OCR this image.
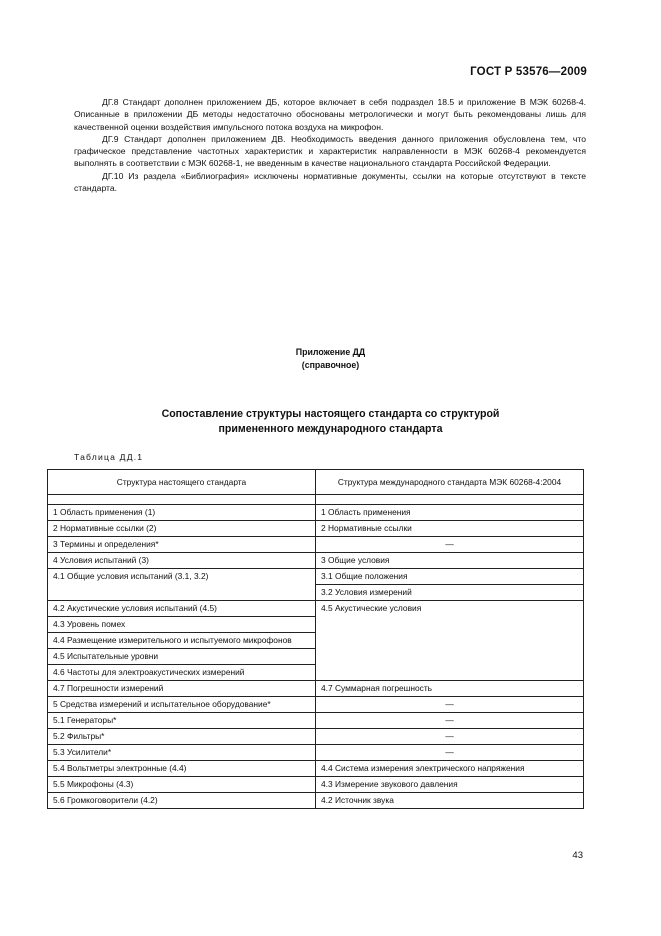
ГОСТ Р 53576—2009

ДГ.8 Стандарт дополнен приложением ДБ, которое включает в себя подраздел 18.5 и приложение В МЭК 60268-4. Описанные в приложении ДБ методы недостаточно обоснованы метрологически и могут быть рекомендованы лишь для качественной оценки воздействия импульсного потока воздуха на микрофон.

ДГ.9 Стандарт дополнен приложением ДВ. Необходимость введения данного приложения обусловлена тем, что графическое представление частотных характеристик и характеристик направленности в МЭК 60268-4 рекомендуется выполнять в соответствии с МЭК 60268-1, не введенным в качестве национального стандарта Российской Федерации.

ДГ.10 Из раздела «Библиография» исключены нормативные документы, ссылки на которые отсутствуют в тексте стандарта.

Приложение ДД
(справочное)
Сопоставление структуры настоящего стандарта со структурой
примененного международного стандарта
Таблица ДД.1
Структура настоящего стандарта	Структура международного стандарта МЭК 60268-4:2004

1 Область применения (1)	1 Область применения
2 Нормативные ссылки (2)	2 Нормативные ссылки
3 Термины и определения*	—
4 Условия испытаний (3)	3 Общие условия
4.1 Общие условия испытаний (3.1, 3.2)	3.1 Общие положения
	3.2 Условия измерений
4.2 Акустические условия испытаний (4.5)	4.5 Акустические условия
4.3 Уровень помех	
4.4 Размещение измерительного и испытуемого микрофонов	
4.5 Испытательные уровни	
4.6 Частоты для электроакустических измерений	
4.7 Погрешности измерений	4.7 Суммарная погрешность
5 Средства измерений и испытательное оборудование*	—
5.1 Генераторы*	—
5.2 Фильтры*	—
5.3 Усилители*	—
5.4 Вольтметры электронные (4.4)	4.4 Система измерения электрического напряжения
5.5 Микрофоны (4.3)	4.3 Измерение звукового давления
5.6 Громкоговорители (4.2)	4.2 Источник звука
43
